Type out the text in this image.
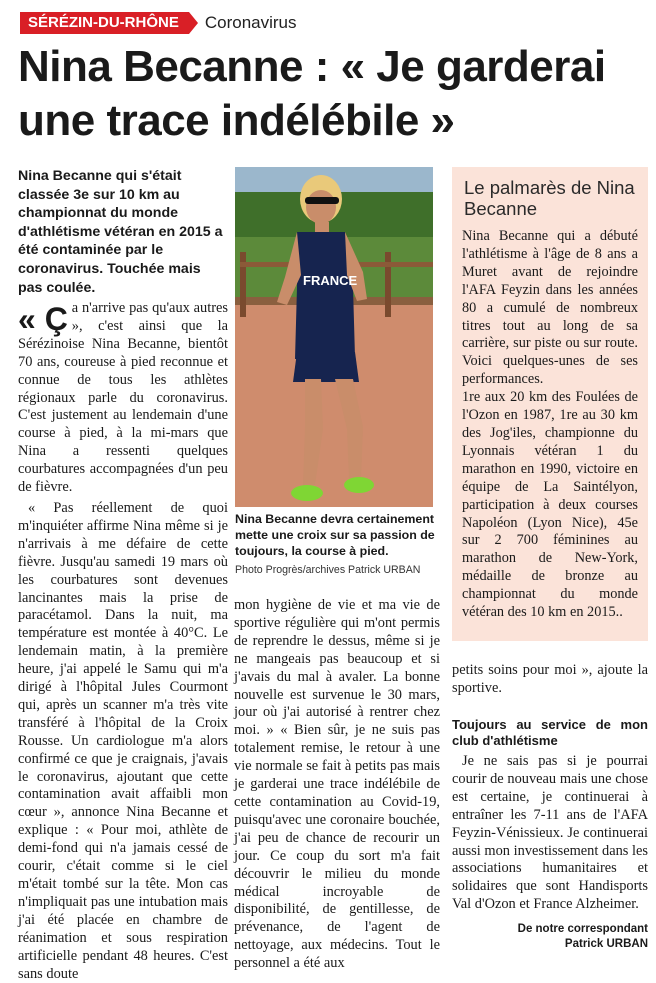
SÉRÉZIN-DU-RHÔNE	Coronavirus
Nina Becanne : « Je garderai une trace indélébile »
Nina Becanne qui s'était classée 3e sur 10 km au championnat du monde d'athlétisme vétéran en 2015 a été contaminée par le coronavirus. Touchée mais pas coulée.

« Ç a n'arrive pas qu'aux autres », c'est ainsi que la Sérézinoise Nina Becanne, bientôt 70 ans, coureuse à pied reconnue et connue de tous les athlètes régionaux parle du coronavirus. C'est justement au lendemain d'une course à pied, à la mi-mars que Nina a ressenti quelques courbatures accompagnées d'un peu de fièvre.

« Pas réellement de quoi m'inquiéter affirme Nina même si je n'arrivais à me défaire de cette fièvre. Jusqu'au samedi 19 mars où les courbatures sont devenues lancinantes mais la prise de paracétamol. Dans la nuit, ma température est montée à 40°C. Le lendemain matin, à la première heure, j'ai appelé le Samu qui m'a dirigé à l'hôpital Jules Courmont qui, après un scanner m'a très vite transféré à l'hôpital de la Croix Rousse. Un cardiologue m'a alors confirmé ce que je craignais, j'avais le coronavirus, ajoutant que cette contamination avait affaibli mon cœur », annonce Nina Becanne et explique : « Pour moi, athlète de demi-fond qui n'a jamais cessé de courir, c'était comme si le ciel m'était tombé sur la tête. Mon cas n'impliquait pas une intubation mais j'ai été placée en chambre de réanimation et sous respiration artificielle pendant 48 heures. C'est sans doute

FRANCE
Nina Becanne devra certainement mette une croix sur sa passion de toujours, la course à pied.
Photo Progrès/archives Patrick URBAN

mon hygiène de vie et ma vie de sportive régulière qui m'ont permis de reprendre le dessus, même si je ne mangeais pas beaucoup et si j'avais du mal à avaler. La bonne nouvelle est survenue le 30 mars, jour où j'ai autorisé à rentrer chez moi. » « Bien sûr, je ne suis pas totalement remise, le retour à une vie normale se fait à petits pas mais je garderai une trace indélébile de cette contamination au Covid-19, puisqu'avec une coronaire bouchée, j'ai peu de chance de recourir un jour. Ce coup du sort m'a fait découvrir le milieu du monde médical incroyable de disponibilité, de gentillesse, de prévenance, de l'agent de nettoyage, aux médecins. Tout le personnel a été aux

Le palmarès de Nina Becanne

Nina Becanne qui a débuté l'athlétisme à l'âge de 8 ans a Muret avant de rejoindre l'AFA Feyzin dans les années 80 a cumulé de nombreux titres tout au long de sa carrière, sur piste ou sur route. Voici quelques-unes de ses performances.

1re aux 20 km des Foulées de l'Ozon en 1987, 1re au 30 km des Jog'iles, championne du Lyonnais vétéran 1 du marathon en 1990, victoire en équipe de La Saintélyon, participation à deux courses Napoléon (Lyon Nice), 45e sur 2 700 féminines au marathon de New-York, médaille de bronze au championnat du monde vétéran des 10 km en 2015..

petits soins pour moi », ajoute la sportive.

Toujours au service de mon club d'athlétisme

Je ne sais pas si je pourrai courir de nouveau mais une chose est certaine, je continuerai à entraîner les 7-11 ans de l'AFA Feyzin-Vénissieux. Je continuerai aussi mon investissement dans les associations humanitaires et solidaires que sont Handisports Val d'Ozon et France Alzheimer.

De notre correspondant
Patrick URBAN
